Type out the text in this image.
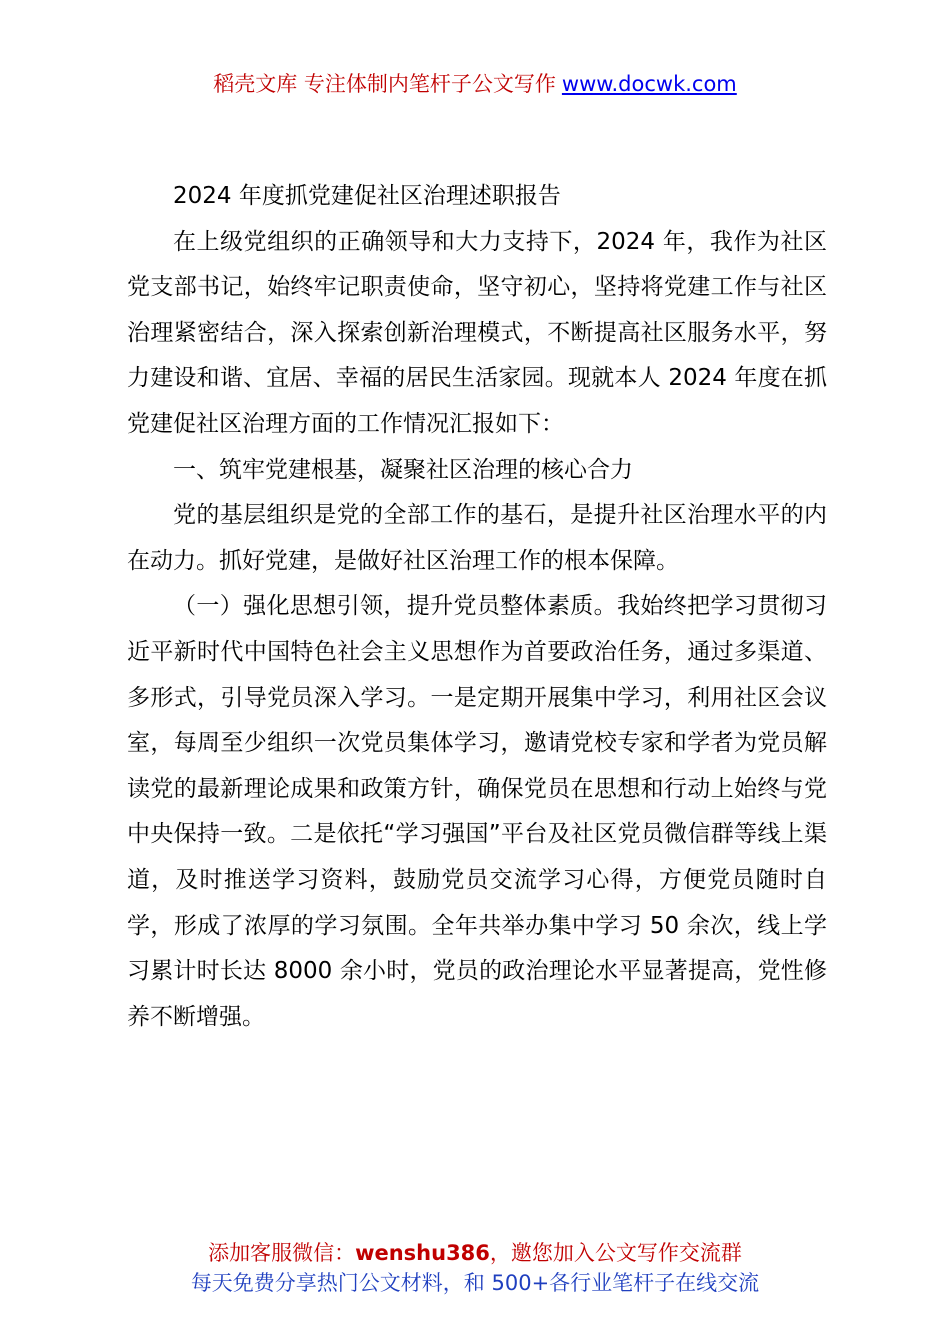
稻壳文库 专注体制内笔杆子公文写作 www.docwk.com

2024 年度抓党建促社区治理述职报告

在上级党组织的正确领导和大力支持下，2024 年，我作为社区党支部书记，始终牢记职责使命，坚守初心，坚持将党建工作与社区治理紧密结合，深入探索创新治理模式，不断提高社区服务水平，努力建设和谐、宜居、幸福的居民生活家园。现就本人 2024 年度在抓党建促社区治理方面的工作情况汇报如下：

一、筑牢党建根基，凝聚社区治理的核心合力

党的基层组织是党的全部工作的基石，是提升社区治理水平的内在动力。抓好党建，是做好社区治理工作的根本保障。

（一）强化思想引领，提升党员整体素质。我始终把学习贯彻习近平新时代中国特色社会主义思想作为首要政治任务，通过多渠道、多形式，引导党员深入学习。一是定期开展集中学习，利用社区会议室，每周至少组织一次党员集体学习，邀请党校专家和学者为党员解读党的最新理论成果和政策方针，确保党员在思想和行动上始终与党中央保持一致。二是依托“学习强国”平台及社区党员微信群等线上渠道，及时推送学习资料，鼓励党员交流学习心得，方便党员随时自学，形成了浓厚的学习氛围。全年共举办集中学习 50 余次，线上学习累计时长达 8000 余小时，党员的政治理论水平显著提高，党性修养不断增强。

添加客服微信：wenshu386，邀您加入公文写作交流群
每天免费分享热门公文材料，和 500+各行业笔杆子在线交流
